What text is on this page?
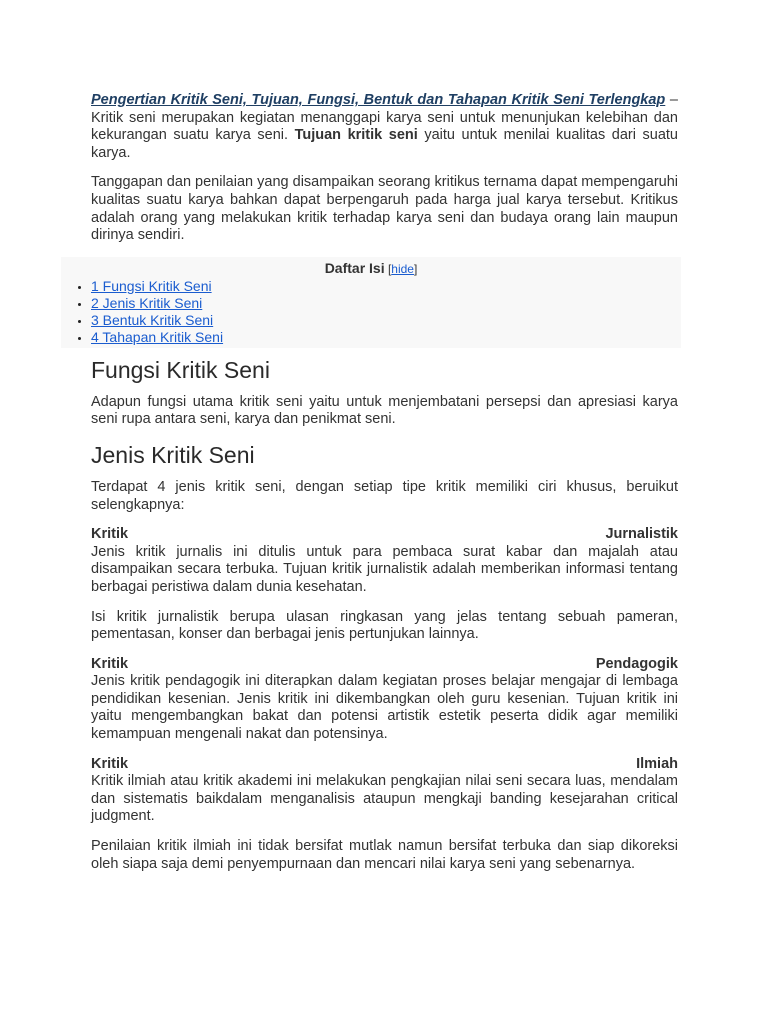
Pengertian Kritik Seni, Tujuan, Fungsi, Bentuk dan Tahapan Kritik Seni Terlengkap – Kritik seni merupakan kegiatan menanggapi karya seni untuk menunjukan kelebihan dan kekurangan suatu karya seni. Tujuan kritik seni yaitu untuk menilai kualitas dari suatu karya.

Tanggapan dan penilaian yang disampaikan seorang kritikus ternama dapat mempengaruhi kualitas suatu karya bahkan dapat berpengaruh pada harga jual karya tersebut. Kritikus adalah orang yang melakukan kritik terhadap karya seni dan budaya orang lain maupun dirinya sendiri.

Daftar Isi [hide]
• 1 Fungsi Kritik Seni
• 2 Jenis Kritik Seni
• 3 Bentuk Kritik Seni
• 4 Tahapan Kritik Seni
Fungsi Kritik Seni

Adapun fungsi utama kritik seni yaitu untuk menjembatani persepsi dan apresiasi karya seni rupa antara seni, karya dan penikmat seni.

Jenis Kritik Seni

Terdapat 4 jenis kritik seni, dengan setiap tipe kritik memiliki ciri khusus, beruikut selengkapnya:

Kritik	Jurnalistik

Jenis kritik jurnalis ini ditulis untuk para pembaca surat kabar dan majalah atau disampaikan secara terbuka. Tujuan kritik jurnalistik adalah memberikan informasi tentang berbagai peristiwa dalam dunia kesehatan.

Isi kritik jurnalistik berupa ulasan ringkasan yang jelas tentang sebuah pameran, pementasan, konser dan berbagai jenis pertunjukan lainnya.

Kritik	Pendagogik

Jenis kritik pendagogik ini diterapkan dalam kegiatan proses belajar mengajar di lembaga pendidikan kesenian. Jenis kritik ini dikembangkan oleh guru kesenian. Tujuan kritik ini yaitu mengembangkan bakat dan potensi artistik estetik peserta didik agar memiliki kemampuan mengenali nakat dan potensinya.

Kritik	Ilmiah

Kritik ilmiah atau kritik akademi ini melakukan pengkajian nilai seni secara luas, mendalam dan sistematis baikdalam menganalisis ataupun mengkaji banding kesejarahan critical judgment.

Penilaian kritik ilmiah ini tidak bersifat mutlak namun bersifat terbuka dan siap dikoreksi oleh siapa saja demi penyempurnaan dan mencari nilai karya seni yang sebenarnya.
